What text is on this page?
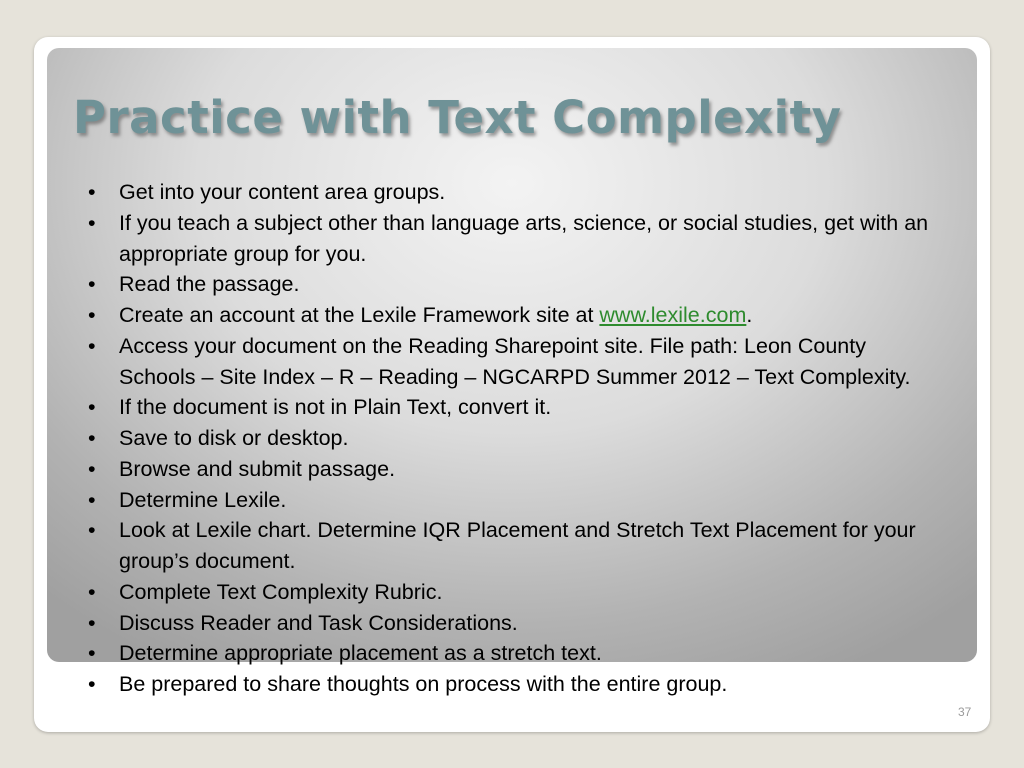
Practice with Text Complexity
• Get into your content area groups.
• If you teach a subject other than language arts, science, or social studies, get with an appropriate group for you.
• Read the passage.
• Create an account at the Lexile Framework site at www.lexile.com.
• Access your document on the Reading Sharepoint site. File path: Leon County Schools – Site Index – R – Reading – NGCARPD Summer 2012 – Text Complexity.
• If the document is not in Plain Text, convert it.
• Save to disk or desktop.
• Browse and submit passage.
• Determine Lexile.
• Look at Lexile chart. Determine IQR Placement and Stretch Text Placement for your group’s document.
• Complete Text Complexity Rubric.
• Discuss Reader and Task Considerations.
• Determine appropriate placement as a stretch text.
• Be prepared to share thoughts on process with the entire group.
37
